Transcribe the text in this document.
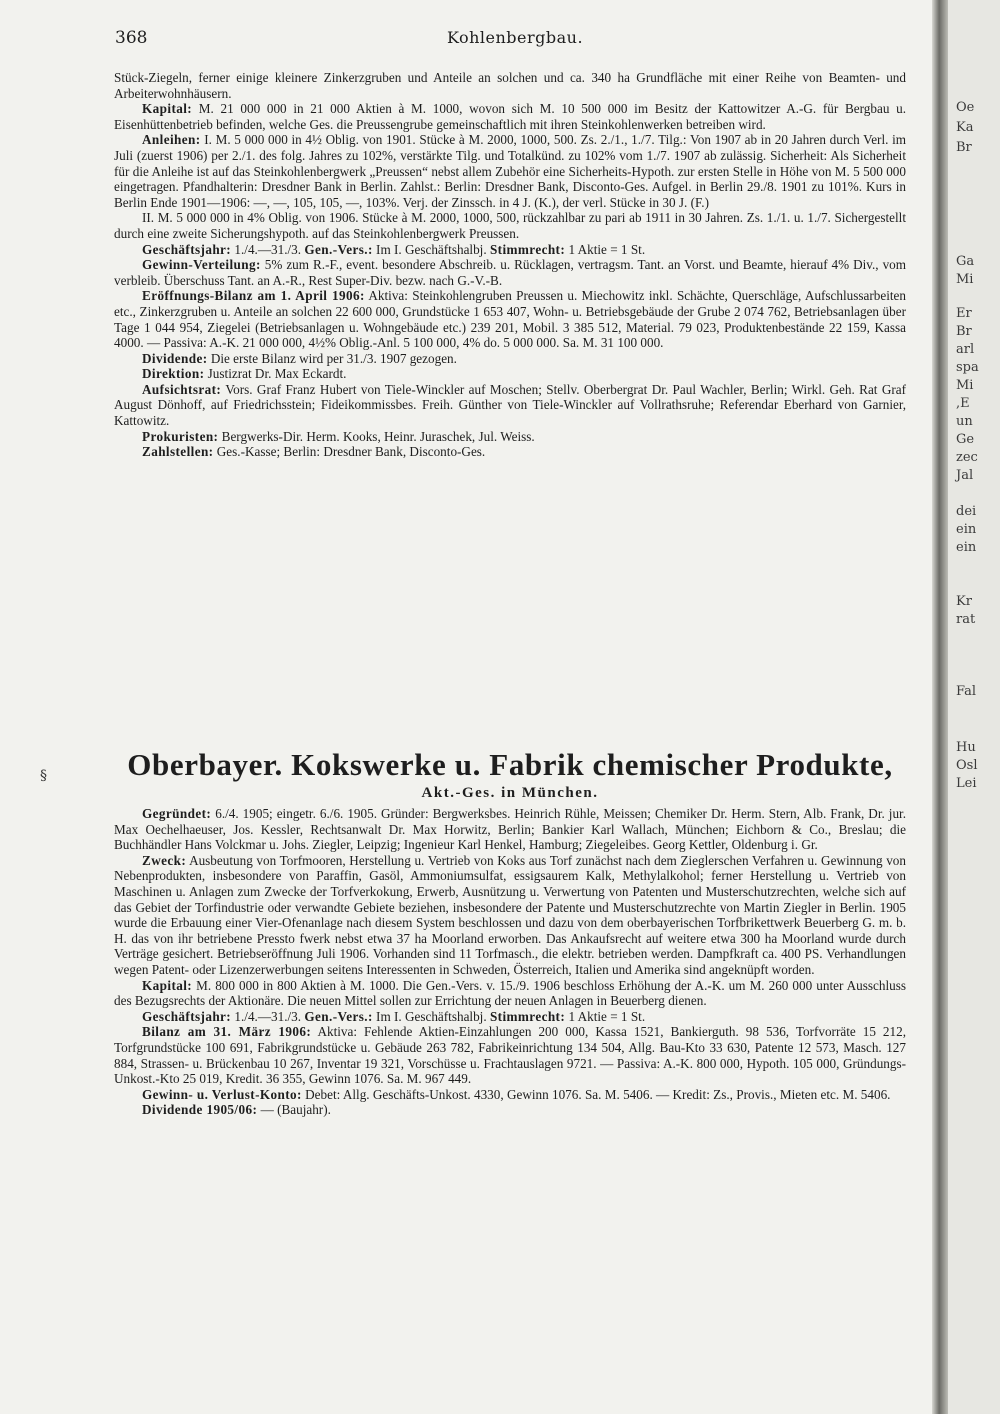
368	Kohlenbergbau.

Stück-Ziegeln, ferner einige kleinere Zinkerzgruben und Anteile an solchen und ca. 340 ha Grundfläche mit einer Reihe von Beamten- und Arbeiterwohnhäusern.

Kapital: M. 21 000 000 in 21 000 Aktien à M. 1000, wovon sich M. 10 500 000 im Besitz der Kattowitzer A.-G. für Bergbau u. Eisenhüttenbetrieb befinden, welche Ges. die Preussengrube gemeinschaftlich mit ihren Steinkohlenwerken betreiben wird.

Anleihen: I. M. 5 000 000 in 4½ Oblig. von 1901. Stücke à M. 2000, 1000, 500. Zs. 2./1., 1./7. Tilg.: Von 1907 ab in 20 Jahren durch Verl. im Juli (zuerst 1906) per 2./1. des folg. Jahres zu 102%, verstärkte Tilg. und Totalkünd. zu 102% vom 1./7. 1907 ab zulässig. Sicherheit: Als Sicherheit für die Anleihe ist auf das Steinkohlenbergwerk „Preussen“ nebst allem Zubehör eine Sicherheits-Hypoth. zur ersten Stelle in Höhe von M. 5 500 000 eingetragen. Pfandhalterin: Dresdner Bank in Berlin. Zahlst.: Berlin: Dresdner Bank, Disconto-Ges. Aufgel. in Berlin 29./8. 1901 zu 101%. Kurs in Berlin Ende 1901—1906: —, —, 105, 105, —, 103%. Verj. der Zinssch. in 4 J. (K.), der verl. Stücke in 30 J. (F.)

II. M. 5 000 000 in 4% Oblig. von 1906. Stücke à M. 2000, 1000, 500, rückzahlbar zu pari ab 1911 in 30 Jahren. Zs. 1./1. u. 1./7. Sichergestellt durch eine zweite Sicherungshypoth. auf das Steinkohlenbergwerk Preussen.

Geschäftsjahr: 1./4.—31./3. Gen.-Vers.: Im I. Geschäftshalbj. Stimmrecht: 1 Aktie = 1 St.

Gewinn-Verteilung: 5% zum R.-F., event. besondere Abschreib. u. Rücklagen, vertragsm. Tant. an Vorst. und Beamte, hierauf 4% Div., vom verbleib. Überschuss Tant. an A.-R., Rest Super-Div. bezw. nach G.-V.-B.

Eröffnungs-Bilanz am 1. April 1906: Aktiva: Steinkohlengruben Preussen u. Miechowitz inkl. Schächte, Querschläge, Aufschlussarbeiten etc., Zinkerzgruben u. Anteile an solchen 22 600 000, Grundstücke 1 653 407, Wohn- u. Betriebsgebäude der Grube 2 074 762, Betriebsanlagen über Tage 1 044 954, Ziegelei (Betriebsanlagen u. Wohngebäude etc.) 239 201, Mobil. 3 385 512, Material. 79 023, Produktenbestände 22 159, Kassa 4000. — Passiva: A.-K. 21 000 000, 4½% Oblig.-Anl. 5 100 000, 4% do. 5 000 000. Sa. M. 31 100 000.

Dividende: Die erste Bilanz wird per 31./3. 1907 gezogen.

Direktion: Justizrat Dr. Max Eckardt.

Aufsichtsrat: Vors. Graf Franz Hubert von Tiele-Winckler auf Moschen; Stellv. Oberbergrat Dr. Paul Wachler, Berlin; Wirkl. Geh. Rat Graf August Dönhoff, auf Friedrichsstein; Fideikommissbes. Freih. Günther von Tiele-Winckler auf Vollrathsruhe; Referendar Eberhard von Garnier, Kattowitz.

Prokuristen: Bergwerks-Dir. Herm. Kooks, Heinr. Juraschek, Jul. Weiss.

Zahlstellen: Ges.-Kasse; Berlin: Dresdner Bank, Disconto-Ges.

Oberbayer. Kokswerke u. Fabrik chemischer Produkte,
Akt.-Ges. in München.

Gegründet: 6./4. 1905; eingetr. 6./6. 1905. Gründer: Bergwerksbes. Heinrich Rühle, Meissen; Chemiker Dr. Herm. Stern, Alb. Frank, Dr. jur. Max Oechelhaeuser, Jos. Kessler, Rechtsanwalt Dr. Max Horwitz, Berlin; Bankier Karl Wallach, München; Eichborn & Co., Breslau; die Buchhändler Hans Volckmar u. Johs. Ziegler, Leipzig; Ingenieur Karl Henkel, Hamburg; Ziegeleibes. Georg Kettler, Oldenburg i. Gr.

Zweck: Ausbeutung von Torfmooren, Herstellung u. Vertrieb von Koks aus Torf zunächst nach dem Zieglerschen Verfahren u. Gewinnung von Nebenprodukten, insbesondere von Paraffin, Gasöl, Ammoniumsulfat, essigsaurem Kalk, Methylalkohol; ferner Herstellung u. Vertrieb von Maschinen u. Anlagen zum Zwecke der Torfverkokung, Erwerb, Ausnützung u. Verwertung von Patenten und Musterschutzrechten, welche sich auf das Gebiet der Torfindustrie oder verwandte Gebiete beziehen, insbesondere der Patente und Musterschutzrechte von Martin Ziegler in Berlin. 1905 wurde die Erbauung einer Vier-Ofenanlage nach diesem System beschlossen und dazu von dem oberbayerischen Torfbrikettwerk Beuerberg G. m. b. H. das von ihr betriebene Pressto fwerk nebst etwa 37 ha Moorland erworben. Das Ankaufsrecht auf weitere etwa 300 ha Moorland wurde durch Verträge gesichert. Betriebseröffnung Juli 1906. Vorhanden sind 11 Torfmasch., die elektr. betrieben werden. Dampfkraft ca. 400 PS. Verhandlungen wegen Patent- oder Lizenzerwerbungen seitens Interessenten in Schweden, Österreich, Italien und Amerika sind angeknüpft worden.

Kapital: M. 800 000 in 800 Aktien à M. 1000. Die Gen.-Vers. v. 15./9. 1906 beschloss Erhöhung der A.-K. um M. 260 000 unter Ausschluss des Bezugsrechts der Aktionäre. Die neuen Mittel sollen zur Errichtung der neuen Anlagen in Beuerberg dienen.

Geschäftsjahr: 1./4.—31./3. Gen.-Vers.: Im I. Geschäftshalbj. Stimmrecht: 1 Aktie = 1 St.

Bilanz am 31. März 1906: Aktiva: Fehlende Aktien-Einzahlungen 200 000, Kassa 1521, Bankierguth. 98 536, Torfvorräte 15 212, Torfgrundstücke 100 691, Fabrikgrundstücke u. Gebäude 263 782, Fabrikeinrichtung 134 504, Allg. Bau-Kto 33 630, Patente 12 573, Masch. 127 884, Strassen- u. Brückenbau 10 267, Inventar 19 321, Vorschüsse u. Frachtauslagen 9721. — Passiva: A.-K. 800 000, Hypoth. 105 000, Gründungs-Unkost.-Kto 25 019, Kredit. 36 355, Gewinn 1076. Sa. M. 967 449.

Gewinn- u. Verlust-Konto: Debet: Allg. Geschäfts-Unkost. 4330, Gewinn 1076. Sa. M. 5406. — Kredit: Zs., Provis., Mieten etc. M. 5406.

Dividende 1905/06: — (Baujahr).

§
Oe
Ka
Br
Ga
Mi
Er
Br
arl
spa
Mi
,E
un
Ge
zec
Jal
dei
ein
ein
Kr
rat
Fal
Hu
Osl
Lei
